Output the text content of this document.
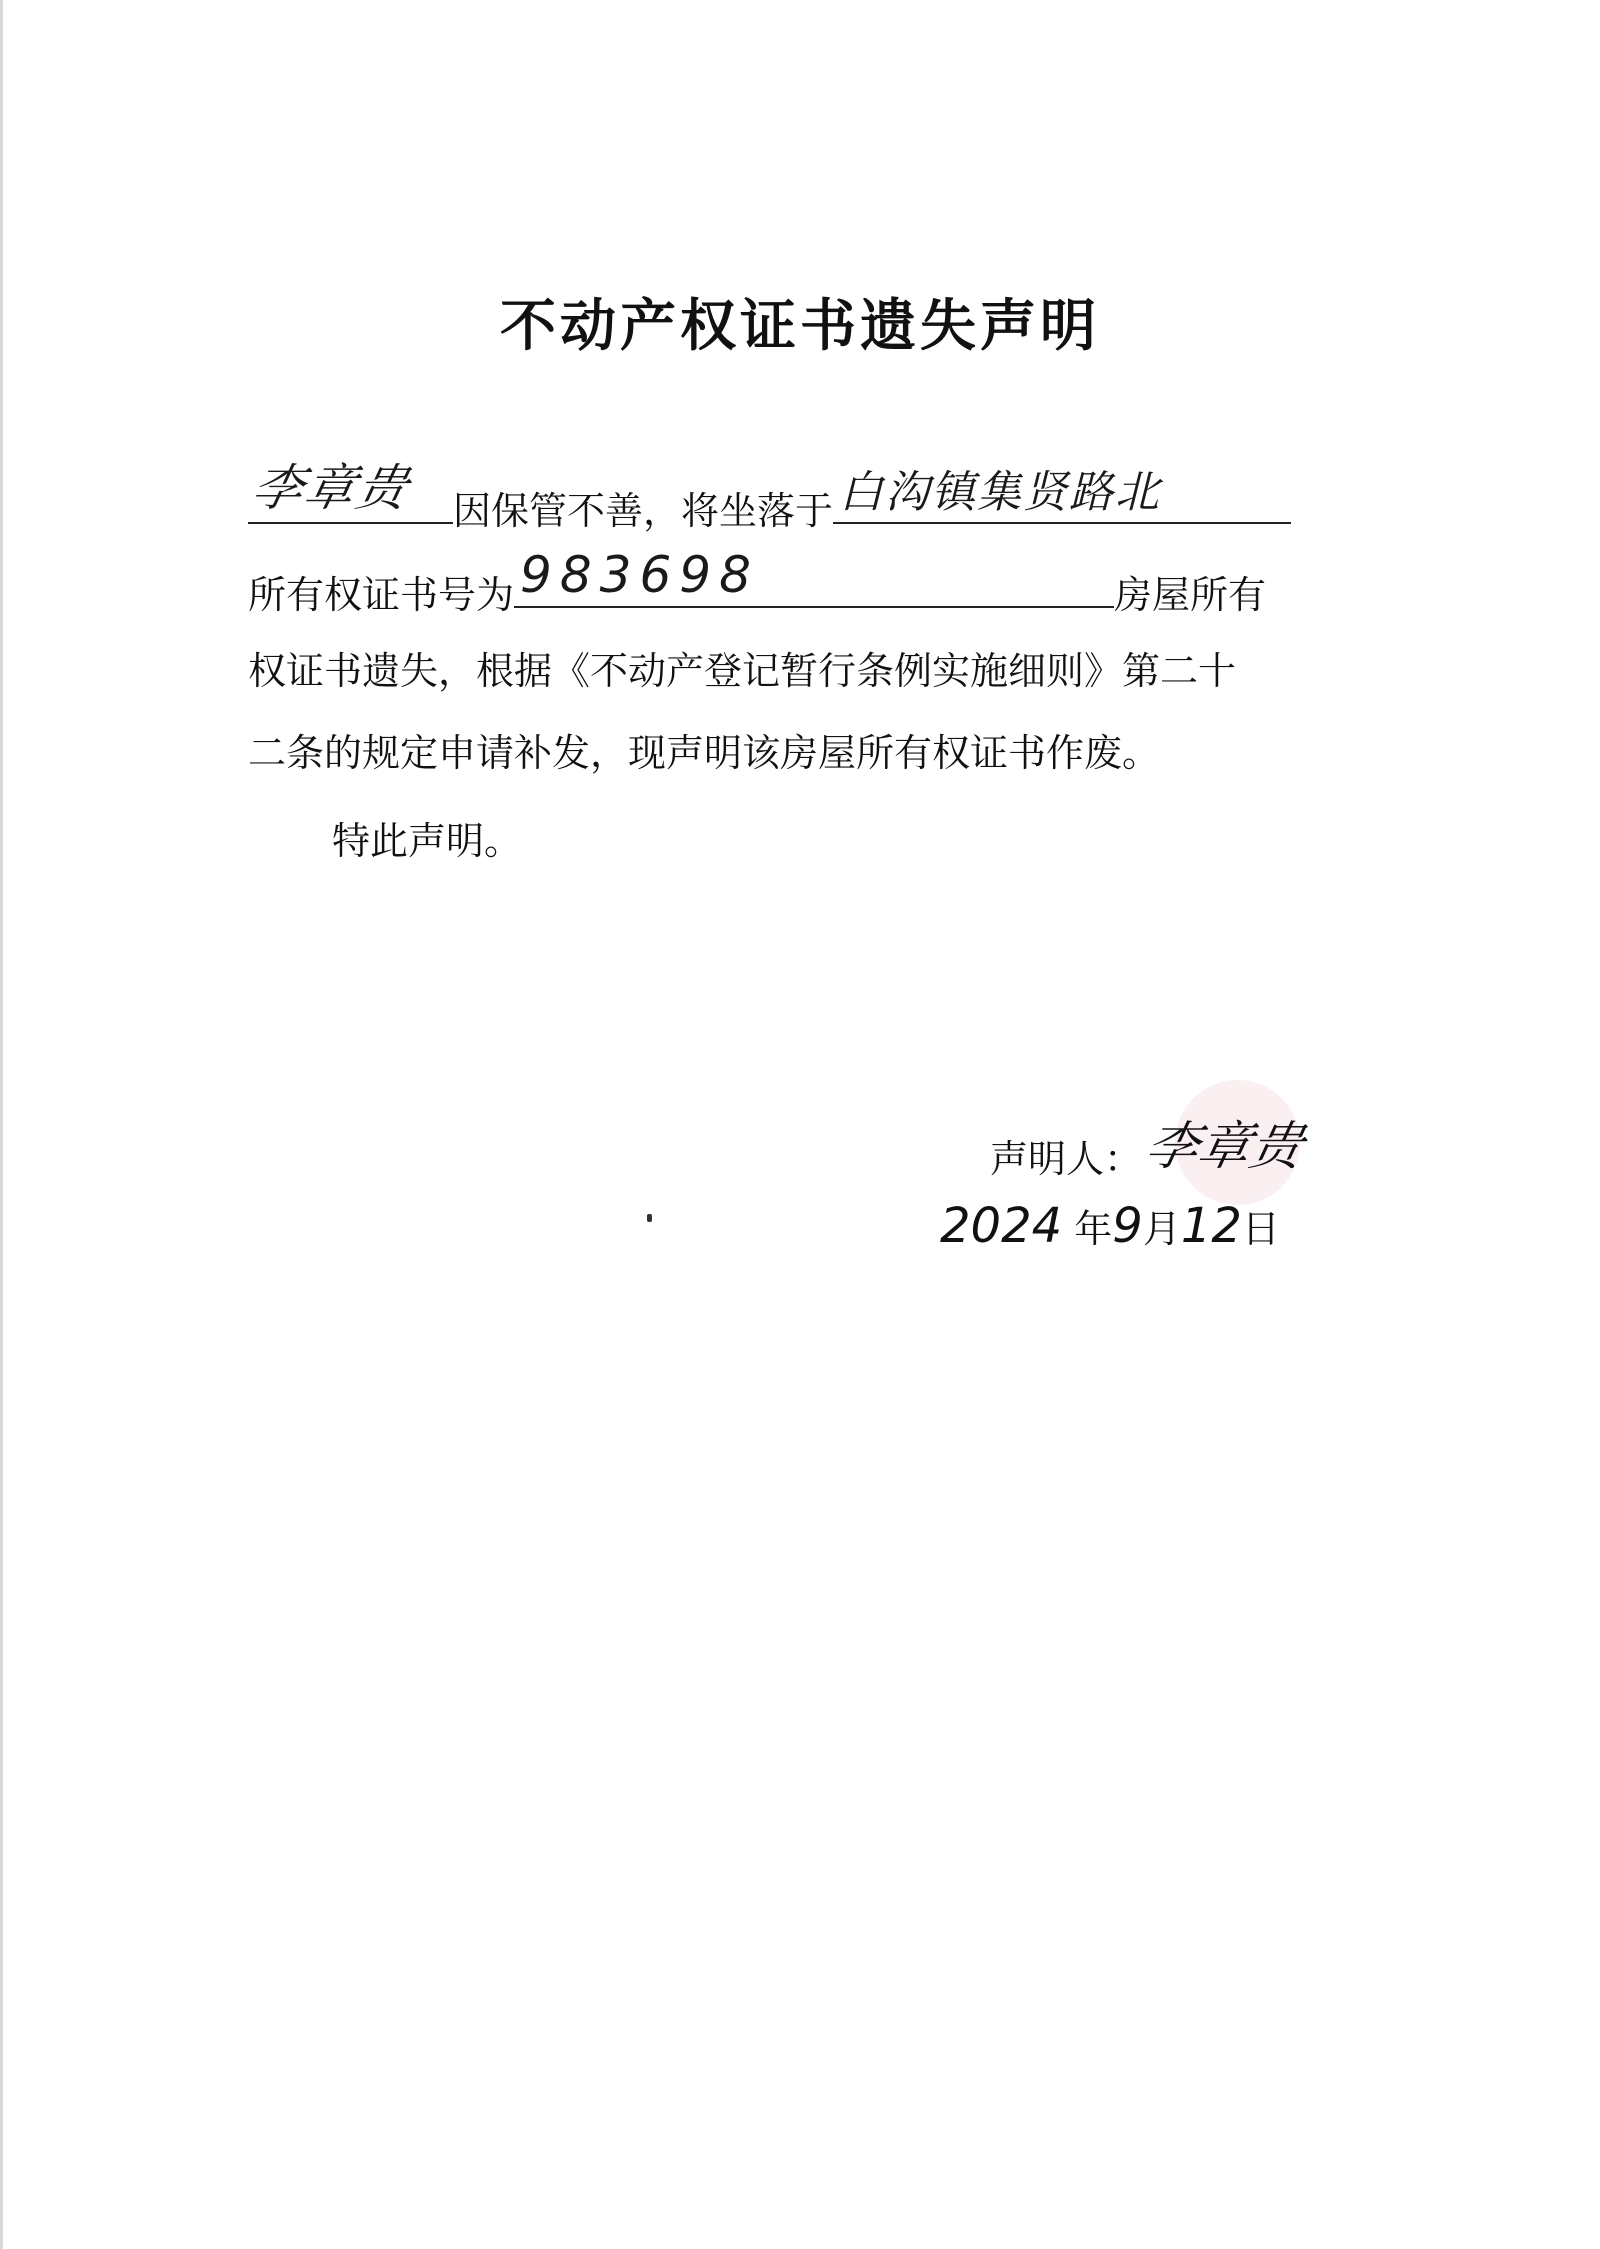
不动产权证书遗失声明
李章贵 因保管不善，将坐落于 白沟镇集贤路北
所有权证书号为 983698	房屋所有
权证书遗失，根据《不动产登记暂行条例实施细则》第二十
二条的规定申请补发，现声明该房屋所有权证书作废。
特此声明。
声明人：李章贵
2024 年9月12日
